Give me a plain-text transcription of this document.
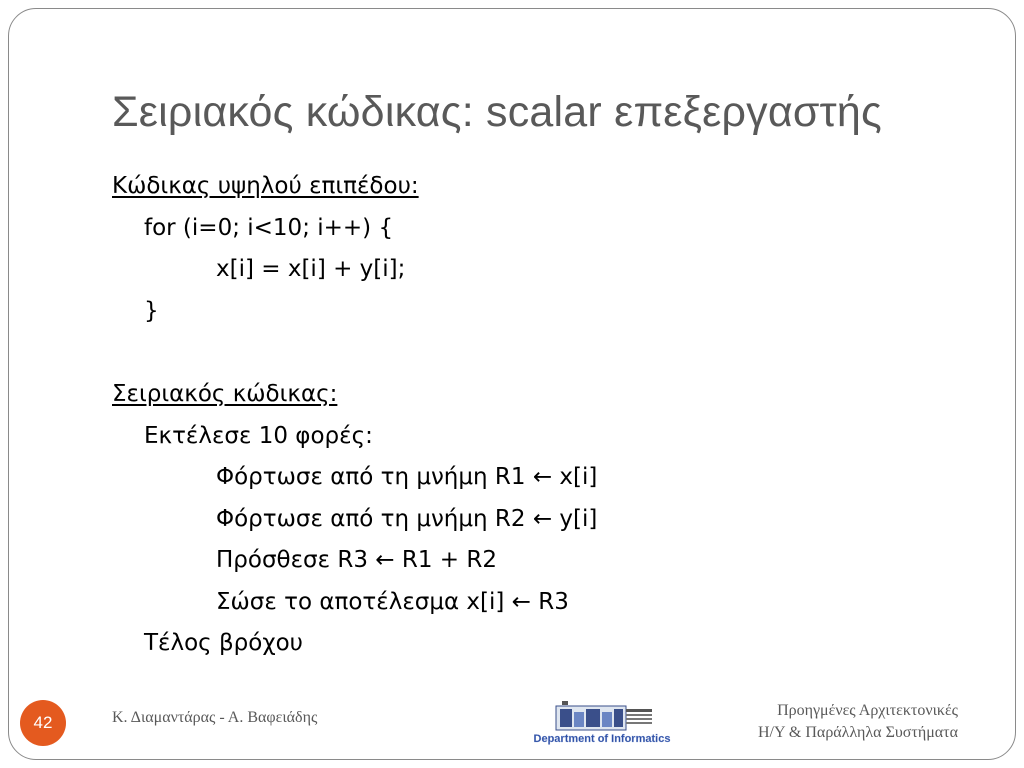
Σειριακός κώδικας: scalar επεξεργαστής
Κώδικας υψηλού επιπέδου:
for (i=0; i<10; i++) {
x[i] = x[i] + y[i];
}
Σειριακός κώδικας:
Εκτέλεσε 10 φορές:
Φόρτωσε από τη μνήμη R1 ← x[i]
Φόρτωσε από τη μνήμη R2 ← y[i]
Πρόσθεσε R3 ← R1 + R2
Σώσε το αποτέλεσμα x[i] ← R3
Τέλος βρόχου
42	Κ. Διαμαντάρας - Α. Βαφειάδης
Department of Informatics
Προηγμένες Αρχιτεκτονικές
Η/Υ & Παράλληλα Συστήματα
